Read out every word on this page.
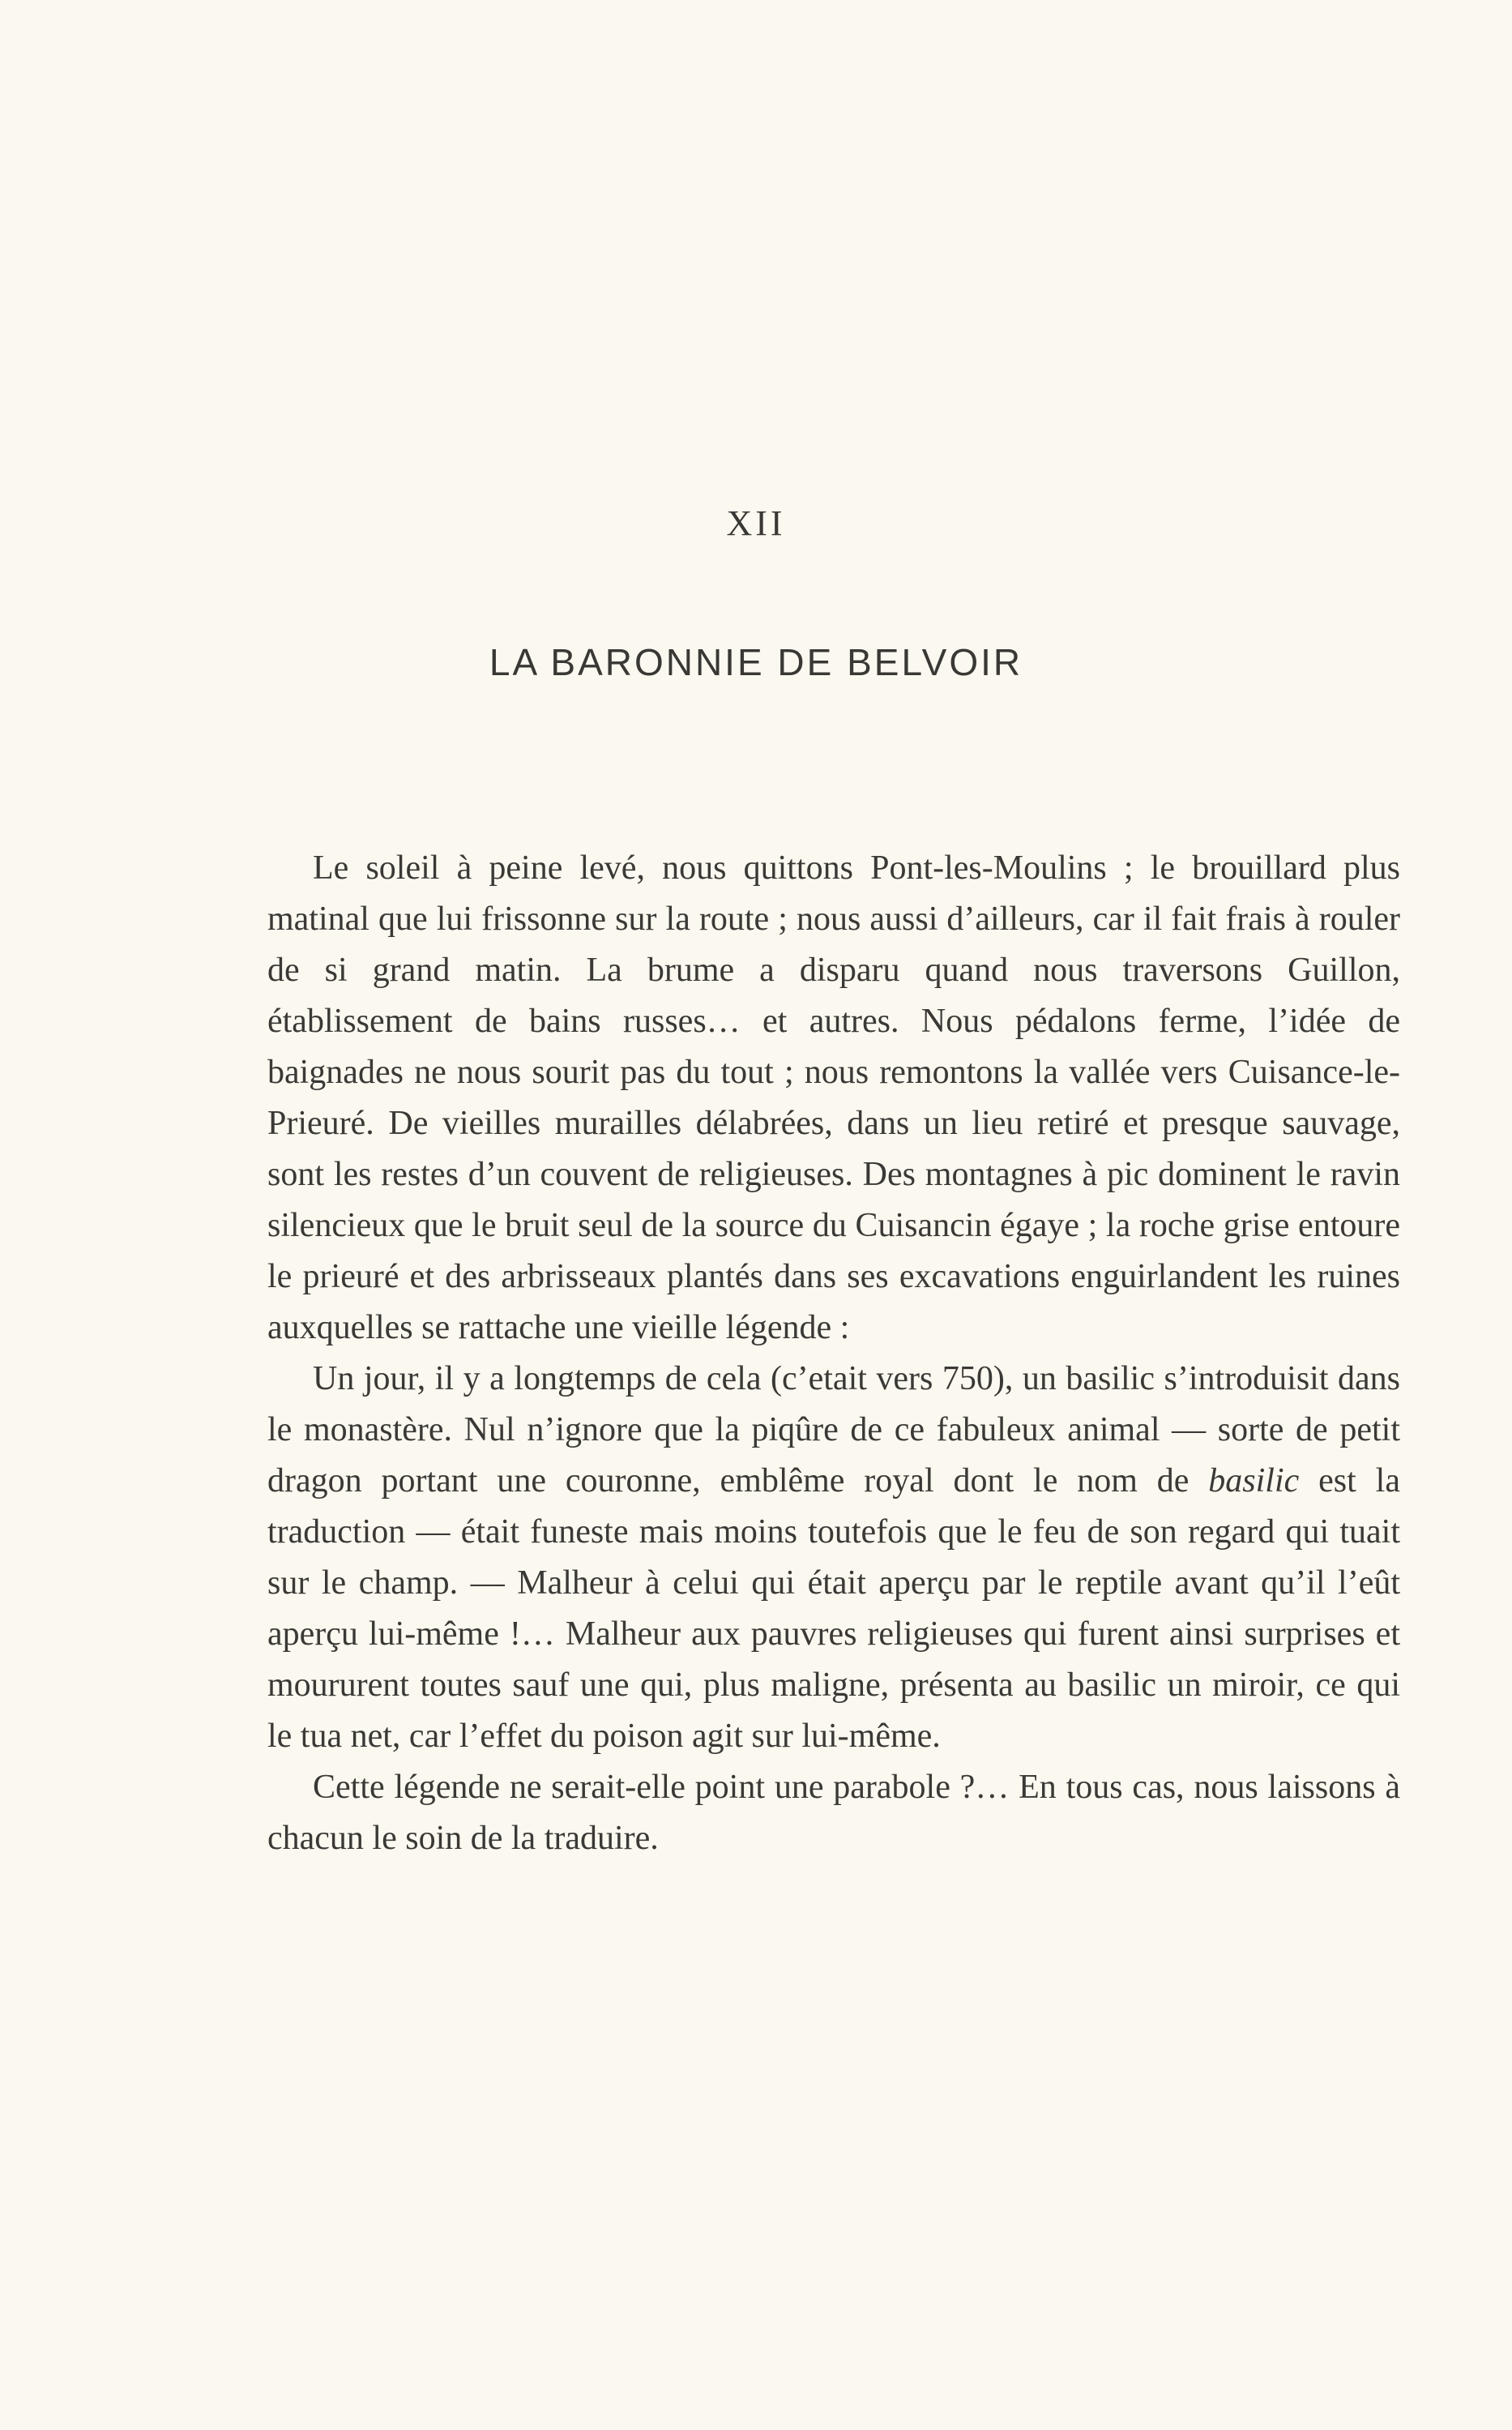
XII
LA BARONNIE DE BELVOIR

Le soleil à peine levé, nous quittons Pont-les-Moulins ; le brouillard plus matinal que lui frissonne sur la route ; nous aussi d’ailleurs, car il fait frais à rouler de si grand matin. La brume a disparu quand nous traversons Guillon, établissement de bains russes… et autres. Nous pédalons ferme, l’idée de baignades ne nous sourit pas du tout ; nous remontons la vallée vers Cuisance-le-Prieuré. De vieilles murailles délabrées, dans un lieu retiré et presque sauvage, sont les restes d’un couvent de religieuses. Des montagnes à pic dominent le ravin silencieux que le bruit seul de la source du Cuisancin égaye ; la roche grise entoure le prieuré et des arbrisseaux plantés dans ses excavations enguirlandent les ruines auxquelles se rattache une vieille légende :

Un jour, il y a longtemps de cela (c’etait vers 750), un basilic s’introduisit dans le monastère. Nul n’ignore que la piqûre de ce fabuleux animal — sorte de petit dragon portant une couronne, emblême royal dont le nom de basilic est la traduction — était funeste mais moins toutefois que le feu de son regard qui tuait sur le champ. — Malheur à celui qui était aperçu par le reptile avant qu’il l’eût aperçu lui-même !… Malheur aux pauvres religieuses qui furent ainsi surprises et moururent toutes sauf une qui, plus maligne, présenta au basilic un miroir, ce qui le tua net, car l’effet du poison agit sur lui-même.

Cette légende ne serait-elle point une parabole ?… En tous cas, nous laissons à chacun le soin de la traduire.
